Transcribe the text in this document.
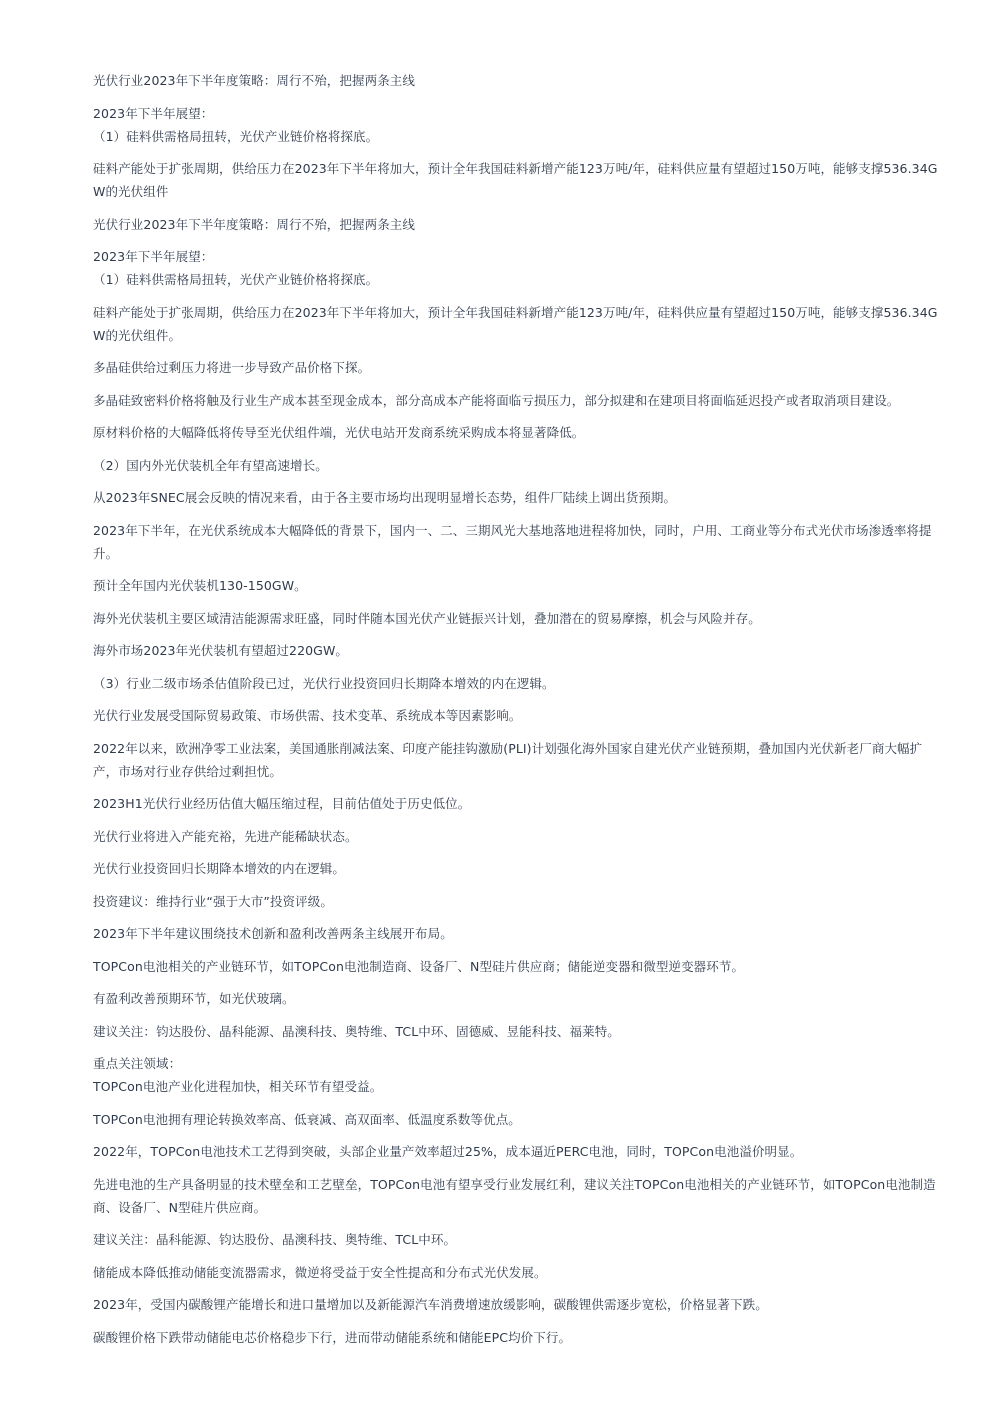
光伏行业2023年下半年度策略：周行不殆，把握两条主线

2023年下半年展望：

（1）硅料供需格局扭转，光伏产业链价格将探底。

硅料产能处于扩张周期，供给压力在2023年下半年将加大，预计全年我国硅料新增产能123万吨/年，硅料供应量有望超过150万吨，能够支撑536.34GW的光伏组件

光伏行业2023年下半年度策略：周行不殆，把握两条主线

2023年下半年展望：

（1）硅料供需格局扭转，光伏产业链价格将探底。

硅料产能处于扩张周期，供给压力在2023年下半年将加大，预计全年我国硅料新增产能123万吨/年，硅料供应量有望超过150万吨，能够支撑536.34GW的光伏组件。

多晶硅供给过剩压力将进一步导致产品价格下探。

多晶硅致密料价格将触及行业生产成本甚至现金成本，部分高成本产能将面临亏损压力，部分拟建和在建项目将面临延迟投产或者取消项目建设。

原材料价格的大幅降低将传导至光伏组件端，光伏电站开发商系统采购成本将显著降低。

（2）国内外光伏装机全年有望高速增长。

从2023年SNEC展会反映的情况来看，由于各主要市场均出现明显增长态势，组件厂陆续上调出货预期。

2023年下半年，在光伏系统成本大幅降低的背景下，国内一、二、三期风光大基地落地进程将加快，同时，户用、工商业等分布式光伏市场渗透率将提升。

预计全年国内光伏装机130-150GW。

海外光伏装机主要区域清洁能源需求旺盛，同时伴随本国光伏产业链振兴计划，叠加潜在的贸易摩擦，机会与风险并存。

海外市场2023年光伏装机有望超过220GW。

（3）行业二级市场杀估值阶段已过，光伏行业投资回归长期降本增效的内在逻辑。

光伏行业发展受国际贸易政策、市场供需、技术变革、系统成本等因素影响。

2022年以来，欧洲净零工业法案，美国通胀削减法案、印度产能挂钩激励(PLI)计划强化海外国家自建光伏产业链预期，叠加国内光伏新老厂商大幅扩产，市场对行业存供给过剩担忧。

2023H1光伏行业经历估值大幅压缩过程，目前估值处于历史低位。

光伏行业将进入产能充裕，先进产能稀缺状态。

光伏行业投资回归长期降本增效的内在逻辑。

投资建议：维持行业“强于大市”投资评级。

2023年下半年建议围绕技术创新和盈利改善两条主线展开布局。

TOPCon电池相关的产业链环节，如TOPCon电池制造商、设备厂、N型硅片供应商；储能逆变器和微型逆变器环节。

有盈利改善预期环节，如光伏玻璃。

建议关注：钧达股份、晶科能源、晶澳科技、奥特维、TCL中环、固德威、昱能科技、福莱特。

重点关注领域：

TOPCon电池产业化进程加快，相关环节有望受益。

TOPCon电池拥有理论转换效率高、低衰减、高双面率、低温度系数等优点。

2022年，TOPCon电池技术工艺得到突破，头部企业量产效率超过25%，成本逼近PERC电池，同时，TOPCon电池溢价明显。

先进电池的生产具备明显的技术壁垒和工艺壁垒，TOPCon电池有望享受行业发展红利，建议关注TOPCon电池相关的产业链环节，如TOPCon电池制造商、设备厂、N型硅片供应商。

建议关注：晶科能源、钧达股份、晶澳科技、奥特维、TCL中环。

储能成本降低推动储能变流器需求，微逆将受益于安全性提高和分布式光伏发展。

2023年，受国内碳酸锂产能增长和进口量增加以及新能源汽车消费增速放缓影响，碳酸锂供需逐步宽松，价格显著下跌。

碳酸锂价格下跌带动储能电芯价格稳步下行，进而带动储能系统和储能EPC均价下行。
